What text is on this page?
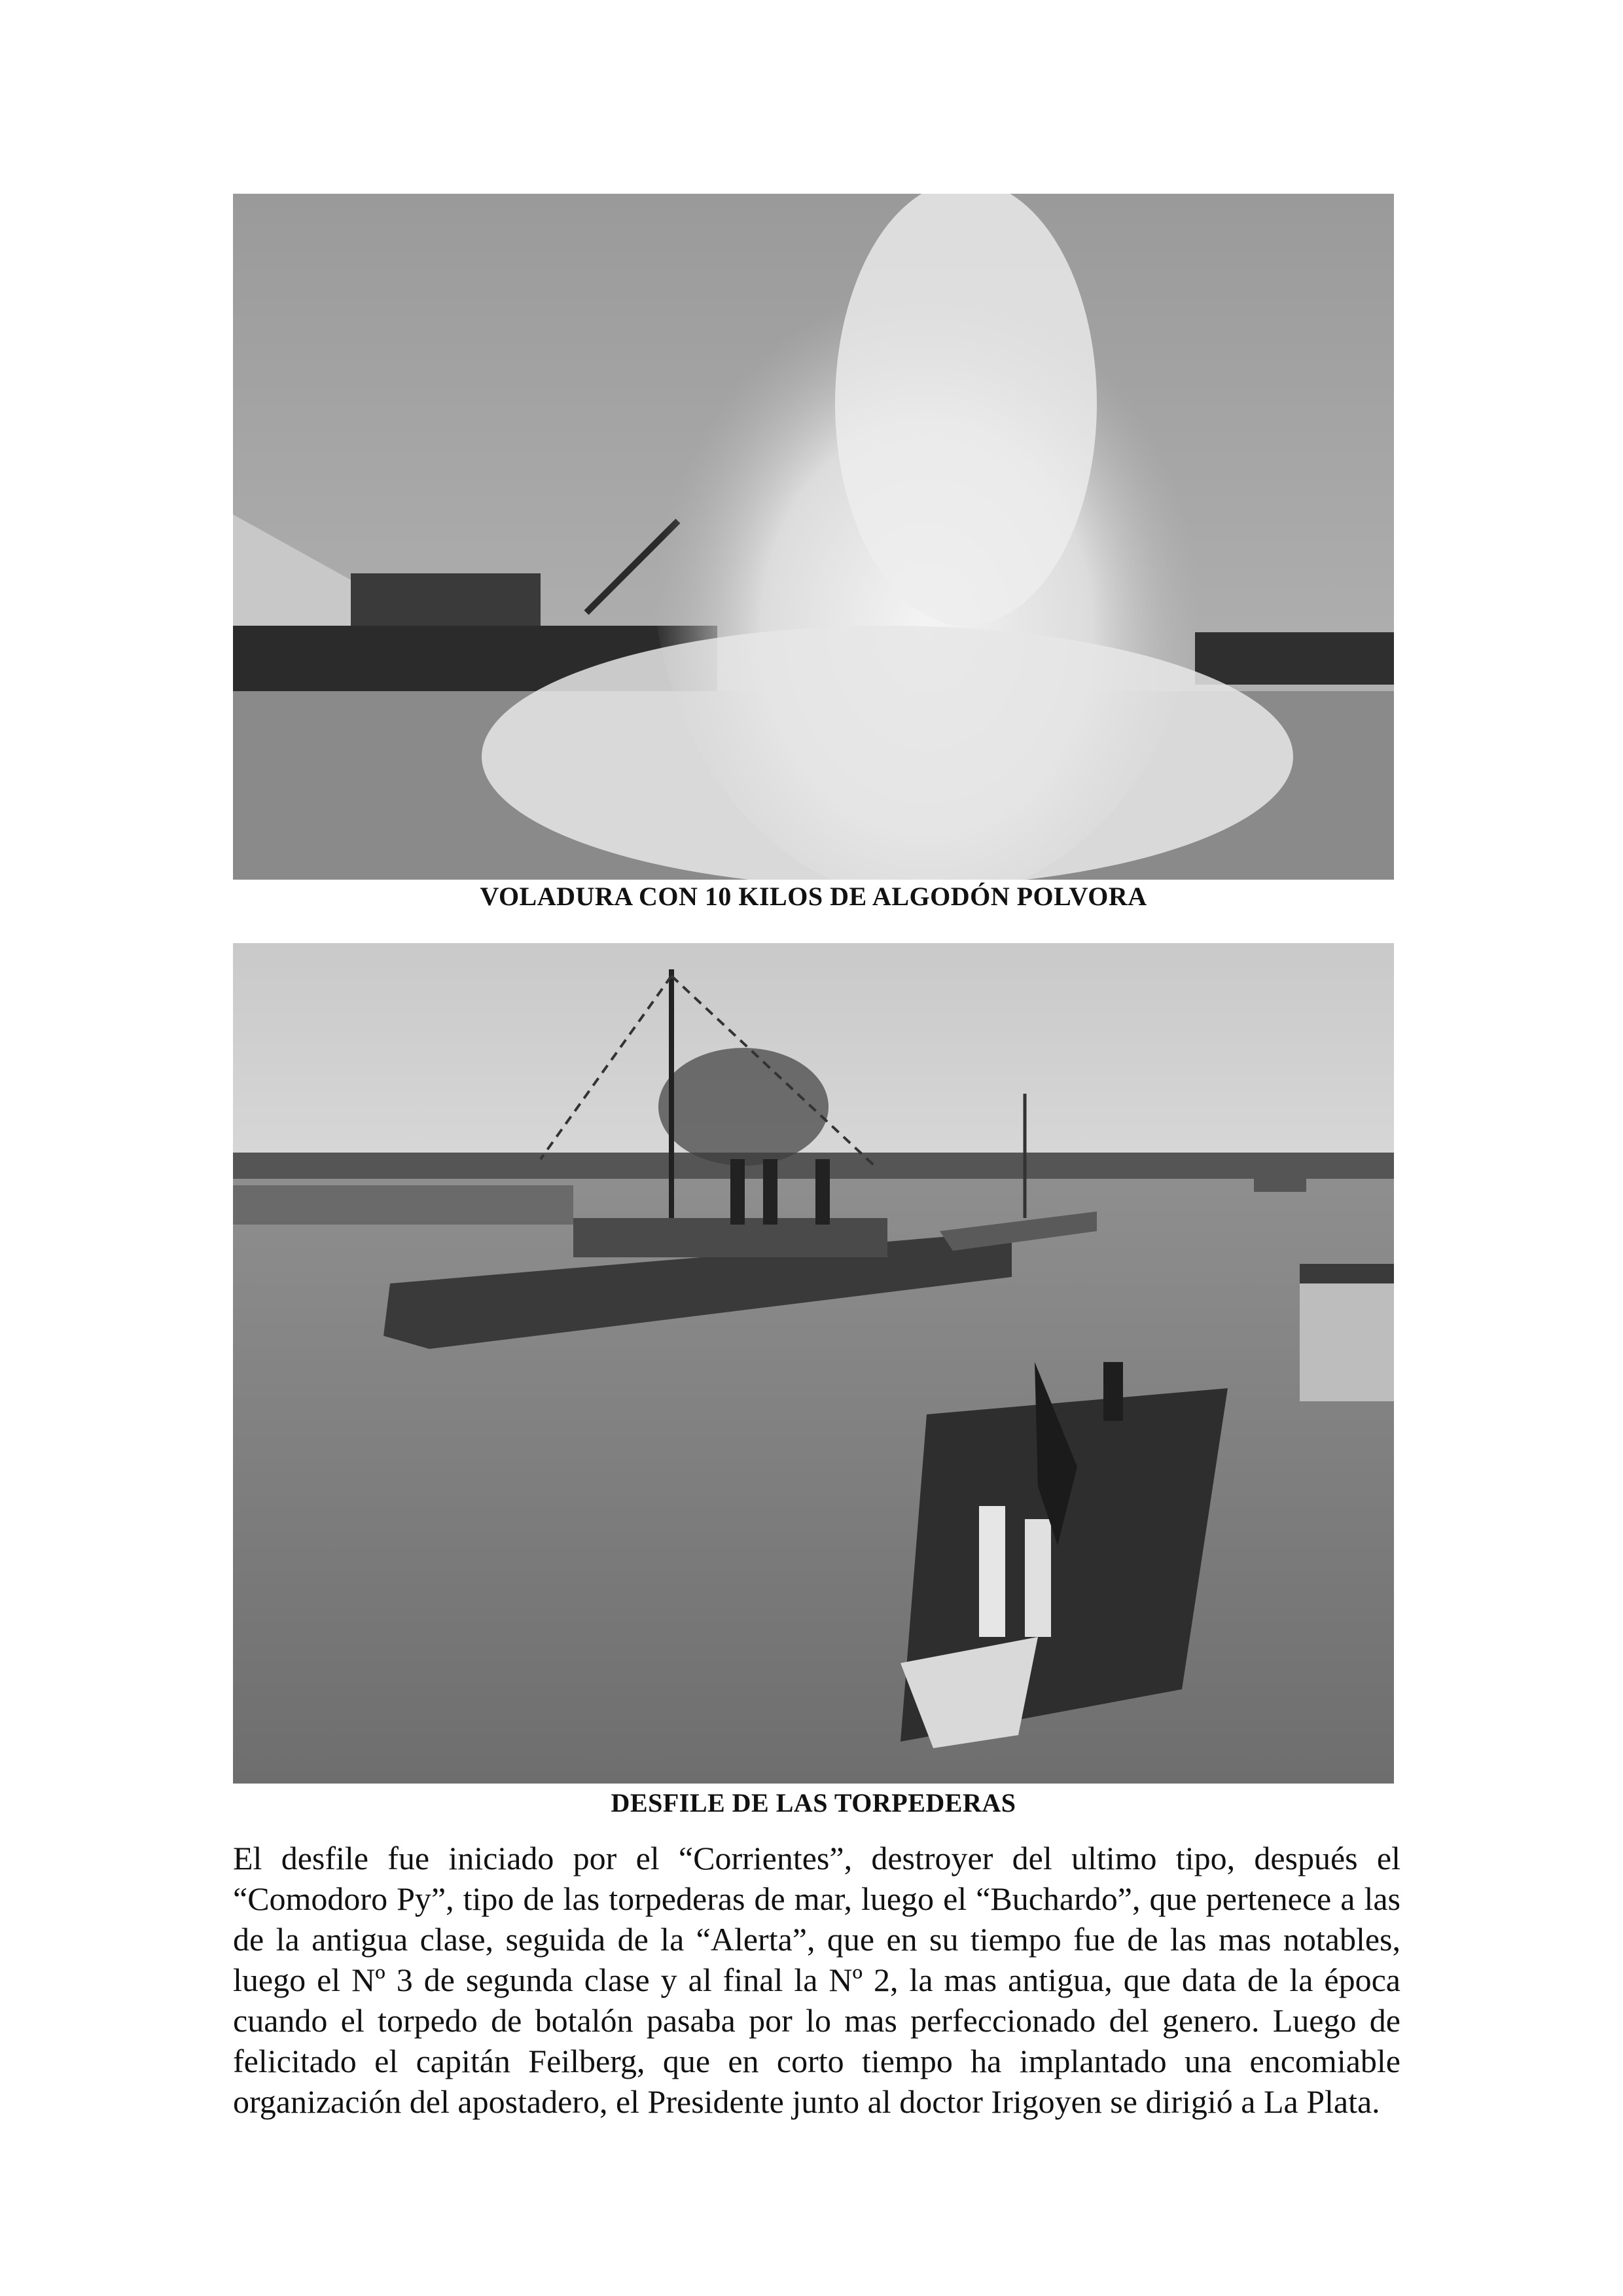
VOLADURA CON 10 KILOS DE ALGODÓN POLVORA
DESFILE DE LAS TORPEDERAS

El desfile fue iniciado por el “Corrientes”, destroyer del ultimo tipo, después el “Comodoro Py”, tipo de las torpederas de mar, luego el “Buchardo”, que pertenece a las de la antigua clase, seguida de la “Alerta”, que en su tiempo fue de las mas notables, luego el Nº 3 de segunda clase y al final la Nº 2, la mas antigua, que data de la época cuando el torpedo de botalón pasaba por lo mas perfeccionado del genero. Luego de felicitado el capitán Feilberg, que en corto tiempo ha implantado una encomiable organización del apostadero, el Presidente junto al doctor Irigoyen se dirigió a La Plata.
